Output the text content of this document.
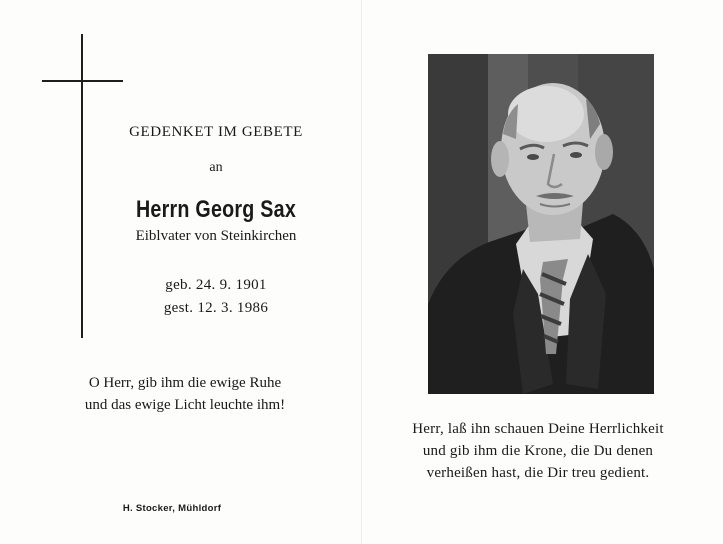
GEDENKET IM GEBETE
an
Herrn Georg Sax
Eiblvater von Steinkirchen
geb. 24. 9. 1901
gest. 12. 3. 1986
O Herr, gib ihm die ewige Ruhe
und das ewige Licht leuchte ihm!
H. Stocker, Mühldorf
Herr, laß ihn schauen Deine Herrlichkeit
und gib ihm die Krone, die Du denen
verheißen hast, die Dir treu gedient.
